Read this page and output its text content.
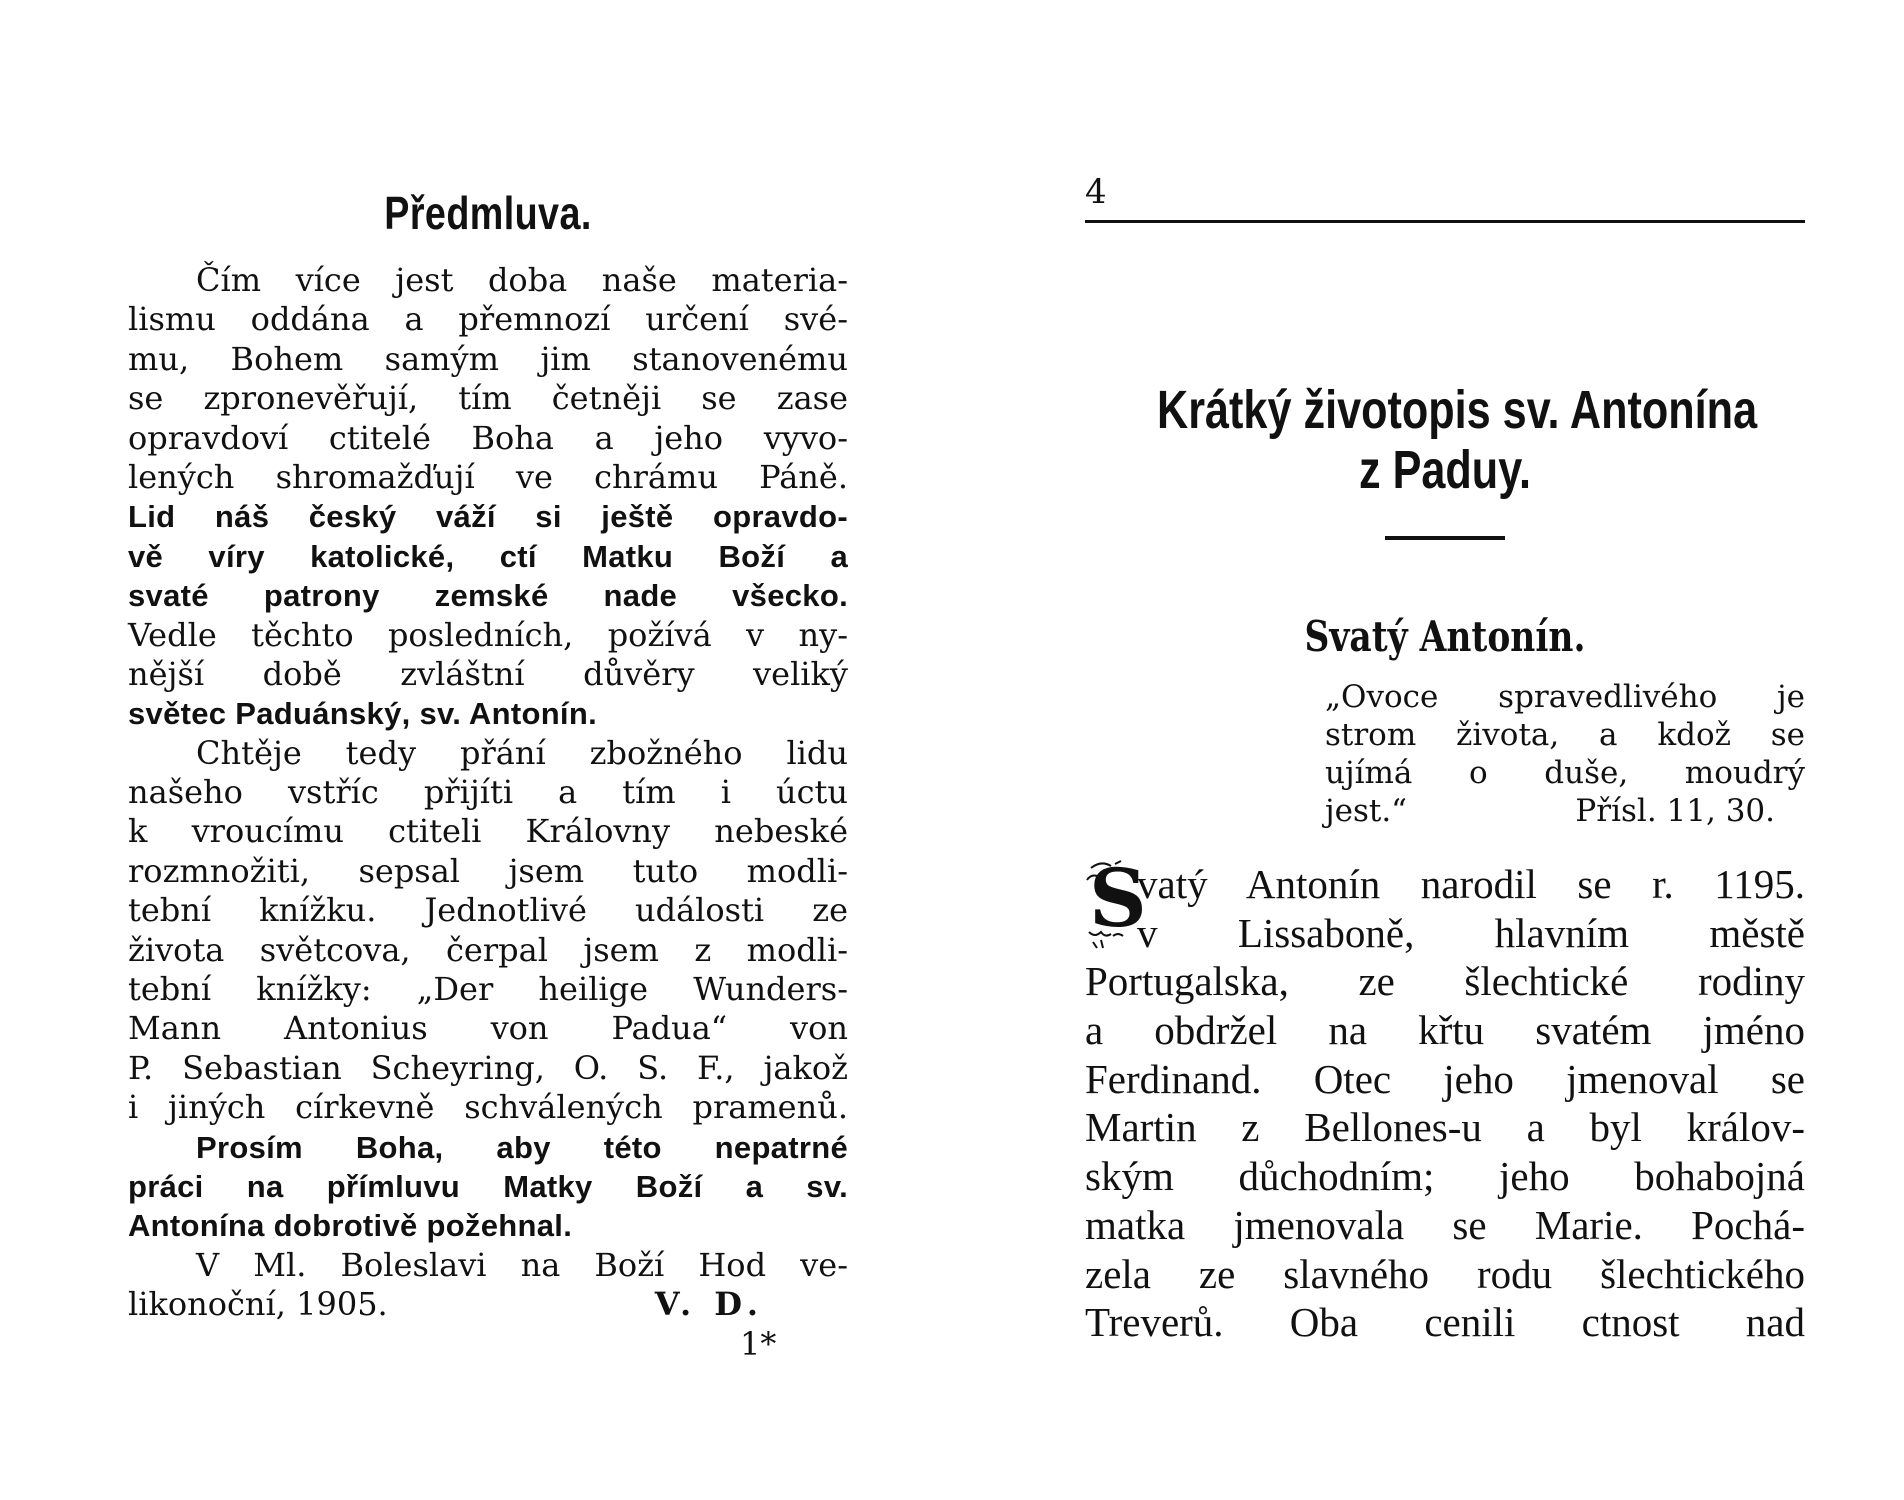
Předmluva.
Čím více jest doba naše materia-
lismu oddána a přemnozí určení své-
mu, Bohem samým jim stanovenému
se zpronevěřují, tím četněji se zase
opravdoví ctitelé Boha a jeho vyvo-
lených shromažďují ve chrámu Páně.
Lid náš český váží si ještě opravdo-
vě víry katolické, ctí Matku Boží a
svaté patrony zemské nade všecko.
Vedle těchto posledních, požívá v ny-
nější době zvláštní důvěry veliký
světec Paduánský, sv. Antonín.
Chtěje tedy přání zbožného lidu
našeho vstříc přijíti a tím i úctu
k vroucímu ctiteli Královny nebeské
rozmnožiti, sepsal jsem tuto modli-
tební knížku. Jednotlivé události ze
života světcova, čerpal jsem z modli-
tební knížky: „Der heilige Wunders-
Mann Antonius von Padua“ von
P. Sebastian Scheyring, O. S. F., jakož
i jiných církevně schválených pramenů.
Prosím Boha, aby této nepatrné
práci na přímluvu Matky Boží a sv.
Antonína dobrotivě požehnal.
V Ml. Boleslavi na Boží Hod ve-
likonoční, 1905.	V. D.
1*
4
Krátký životopis sv. Antonína
z Paduy.
Svatý Antonín.
„Ovoce spravedlivého je
strom života, a kdož se
ujímá o duše, moudrý
jest.“	Přísl. 11, 30.
S
vatý Antonín narodil se r. 1195.
v Lissaboně, hlavním městě
Portugalska, ze šlechtické rodiny
a obdržel na křtu svatém jméno
Ferdinand. Otec jeho jmenoval se
Martin z Bellones-u a byl králov-
ským důchodním; jeho bohabojná
matka jmenovala se Marie. Pochá-
zela ze slavného rodu šlechtického
Treverů. Oba cenili ctnost nad
